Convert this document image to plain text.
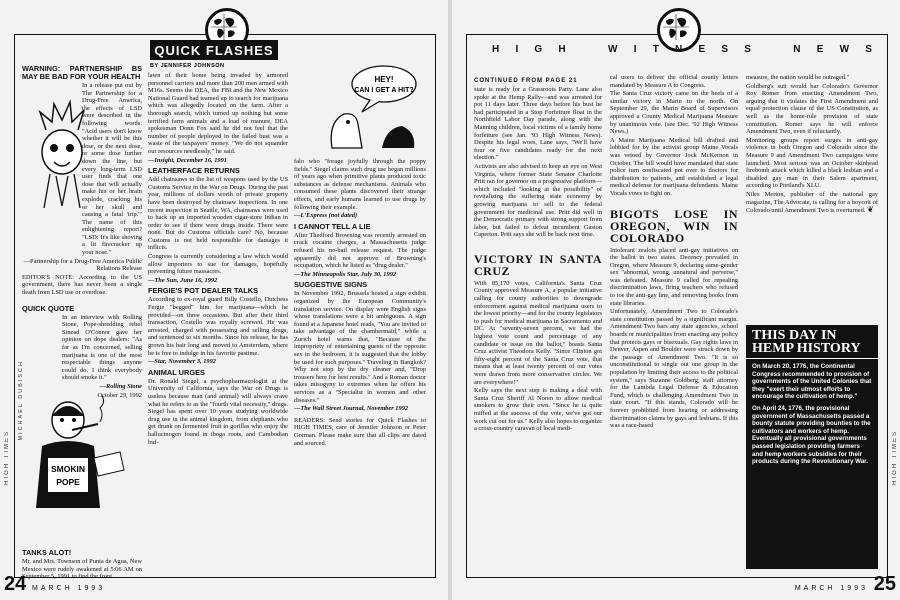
QUICK FLASHES
BY JENNIFER JOHNSON
HIGH TIMES
MICHAEL DUBISCH
SMOKIN
POPE
HEY!
CAN I GET A HIT?
WARNING: PARTNERSHIP BS MAY BE BAD FOR YOUR HEALTH

In a release put out by The Partnership for a Drug-Free America, the effects of LSD were described in the following words: "Acid users don't know whether it will be this dose, or the next dose, or some dose further down the line, but every long-term LSD user finds that one dose that will actually make his or her brain explode, cracking his or her skull and causing a fatal 'trip.'" The name of this enlightening report? "LSD: It's like shoving a lit firecracker up your nose."

—Partnership for a Drug-Free America Public Relations Release

EDITOR'S NOTE: According to the US government, there has never been a single death from LSD use or overdose.

QUICK QUOTE

In an interview with Rolling Stone, Pope-shredding rebel Sinead O'Connor gave her opinion on dope dealers: "As far as I'm concerned, selling marijuana is one of the most respectable things anyone could do. I think everybody should smoke it."

—Rolling Stone

October 29, 1992

TANKS ALOT!

Mr. and Mrs. Townson of Punta de Agua, New Mexico were rudely awakened at 5:06 AM on September 5, 1991 to find the front

lawn of their home being invaded by armored personnel carriers and more than 200 men armed with M16s. Seems the DEA, the FBI and the New Mexico National Guard had teamed up to search for marijuana which was allegedly located on the farm. After a thorough search, which turned up nothing but some terrified farm animals and a load of manure, DEA spokesman Donn Fox said he did not feel that the number of people deployed in the failed bust was a waste of the taxpayers' money. "We do not squander our resources needlessly," he said.

—Insight, December 16, 1991

LEATHERFACE RETURNS

Add chainsaws to the list of weapons used by the US Customs Service in the War on Drugs. During the past year, millions of dollars worth of private property have been destroyed by chainsaw inspections. In one recent inspection in Seattle, WA, chainsaws were used to hack up an imported wooden cigar-store Indian in order to see if there were drugs inside. There were none. But do Customs officials care? No, because Customs is not held responsible for damages it inflicts.

Congress is currently considering a law which would allow importers to sue for damages, hopefully preventing future massacres.

—The Sun, June 16, 1992

FERGIE'S POT DEALER TALKS

According to ex-royal guard Billy Costello, Dutchess Fergie "begged" him for marijuana—which he provided—on three occasions. But after their third transaction, Costello was royally screwed. He was arrested, charged with possessing and selling drugs, and sentenced to six months. Since his release, he has grown his hair long and moved to Amsterdam, where he is free to indulge in his favorite pastime.

—Star, November 3, 1992

ANIMAL URGES

Dr. Ronald Siegel, a psychopharmacologist at the University of California, says the War on Drugs is useless because man (and animal) will always crave what he refers to as the "fourth vital necessity," drugs. Siegel has spent over 10 years studying worldwide drug use in the animal kingdom, from elephants who get drunk on fermented fruit to gorillas who enjoy the hallucinogen found in iboga roots, and Cambodian buf-

falo who "forage joyfully through the poppy fields." Siegel claims such drug use began millions of years ago when primitive plants produced toxic substances as defense mechanisms. Animals who consumed these plants discovered their strange effects, and early humans learned to use drugs by following their example.

—L'Express (not dated)

I CANNOT TELL A LIE

After Thedford Browning was recently arrested on crack cocaine charges, a Massachusetts judge refused his no-bail release request. The judge apparently did not approve of Browning's occupation, which he listed as "drug dealer."

—The Minneapolis Star, July 30, 1992

SUGGESTIVE SIGNS

In November 1992, Brussels hosted a sign exhibit organized by the European Community's translation service. On display were English signs whose translations were a bit ambiguous. A sign found at a Japanese hotel reads, "You are invited to take advantage of the chambermaid," while a Zurich hotel warns that, "Because of the impropriety of entertaining guests of the opposite sex in the bedroom, it is suggested that the lobby be used for such purposes." Traveling in Bangkok? Why not stop by the dry cleaner and, "Drop trousers here for best results." And a Roman doctor takes misogyny to extremes when he offers his services as a "Specialist in women and other diseases."

—The Wall Street Journal, November 1992

READERS: Send stories for Quick Flashes to HIGH TIMES, care of Jennifer Johnson or Peter Gorman. Please make sure that all clips are dated and sourced.

24 MARCH 1993
H I G H	W I T N E S S	N E W S
HIGH TIMES
CONTINUED FROM PAGE 21

state is ready for a Grassroots Party. Lane also spoke at the Hemp Rally—and was arrested for pot 11 days later. Three days before his bust he had participated in a Stop Forfeiture float in the Northfield Labor Day parade, along with the Manning children, local victims of a family home forfeiture (see Jan. '93 High Witness News). Despite his legal woes, Lane says, "We'll have four or five candidates ready for the next election."

Activists are also advised to keep an eye on West Virginia, where former State Senator Charlotte Pritt ran for governor on a progressive platform—which included "looking at the possibility" of revitalizing the suffering state economy by growing marijuana to sell to the federal government for medicinal use. Pritt did well in the Democratic primary with strong support from labor, but failed to defeat incumbent Gaston Caperton. Pritt says she will be back next time.

VICTORY IN SANTA CRUZ

With 85,170 votes, California's Santa Cruz County approved Measure A, a popular initiative calling for county authorities to downgrade enforcement against medical marijuana users to the lowest priority—and for the county legislators to push for medical marijuana in Sacramento and DC. At "seventy-seven percent, we had the highest vote count and percentage of any candidate or issue on the ballot," boasts Santa Cruz activist Theodora Kelly. "Since Clinton got fifty-eight percent of the Santa Cruz vote, that means that at least twenty percent of our votes were drawn from more conservative circles. We are everywhere!"

Kelly says the next step is making a deal with Santa Cruz Sheriff Al Noren to allow medical smokers to grow their own. "Since he is quite miffed at the success of the vote, we've got our work cut out for us." Kelly also hopes to organize a cross-country caravan of local medi-

cal users to deliver the official county letters mandated by Measure A to Congress.

The Santa Cruz victory came on the heels of a similar victory in Marin to the north. On September 29, the Marin Board of Supervisors approved a County Medical Marijuana Measure by unanimous vote. (see Dec. '92 High Witness News.)

A Maine Marijuana Medical bill drafted and lobbied for by the activist group Maine Vocals was vetoed by Governor Jock McKernon in October. The bill would have mandated that state police turn confiscated pot over to doctors for distribution to patients, and established a legal medical defense for marijuana defendants. Maine Vocals vows to fight on.

BIGOTS LOSE IN OREGON, WIN IN COLORADO

Intolerant zealots placed anti-gay initiatives on the ballot in two states. Decency prevailed in Oregon, where Measure 9, declaring same-gender sex "abnormal, wrong, unnatural and perverse," was defeated. Measure 9 called for repealing discrimination laws, firing teachers who refused to toe the anti-gay line, and removing books from state libraries.

Unfortunately, Amendment Two to Colorado's state constitution passed by a significant margin. Amendment Two bars any state agencies, school boards or municipalities from enacting any policy that protects gays or bisexuals. Gay rights laws in Denver, Aspen and Boulder were struck down by the passage of Amendment Two. "It is so unconstitutional to single out one group in the population by limiting their access to the political system," says Suzanne Goldberg, staff attorney for the Lambda Legal Defense & Education Fund, which is challenging Amendment Two in state court. "If this stands, Colorado will be forever prohibited from hearing or addressing discrimination claims by gays and lesbians. If this was a race-based

measure, the nation would be outraged."

Goldberg's suit would bar Colorado's Governor Roy Romer from enacting Amendment Two, arguing that it violates the First Amendment and equal protection clause of the US Constitution, as well as the home-rule provision of state constitution. Romer says he will enforce Amendment Two, even if reluctantly.

Monitoring groups report surges in anti-gay violence in both Oregon and Colorado since the Measure 9 and Amendment Two campaigns were launched. Most serious was an October skinhead firebomb attack which killed a black lesbian and a disabled gay man in their Salem apartment, according to Portland's XLU.

Niles Merton, publisher of the national gay magazine, The Advocate, is calling for a boycott of Colorado until Amendment Two is overturned. ❦

THIS DAY IN HEMP HISTORY

On March 20, 1776, the Continental Congress recommended to provision of governments of the United Colonies that they "exert their utmost efforts to encourage the cultivation of hemp."

On April 24, 1776, the provisional government of Massachusetts passed a bounty statute providing bounties to the cultivators and workers of hemp. Eventually all provisional governments passed legislation providing farmers and hemp workers subsidies for their products during the Revolutionary War.

MARCH 1993 25
